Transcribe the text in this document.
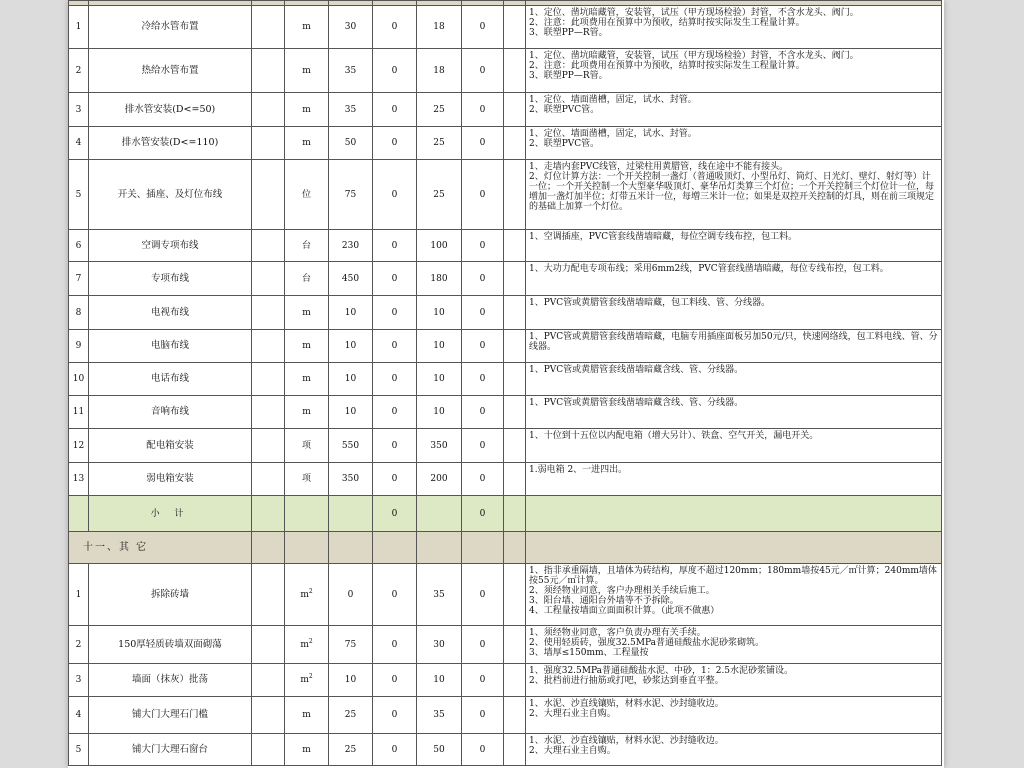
1	冷给水管布置		m	30	0	18	0		1、定位、凿坑暗藏管，安装管，试压（甲方现场检验）封管，不含水龙头、阀门。
2、注意：此项费用在预算中为预收，结算时按实际发生工程量计算。
3、联塑PP—R管。
2	热给水管布置		m	35	0	18	0		1、定位、凿坑暗藏管，安装管，试压（甲方现场检验）封管，不含水龙头、阀门。
2、注意：此项费用在预算中为预收，结算时按实际发生工程量计算。
3、联塑PP—R管。
3	排水管安装(D<=50)		m	35	0	25	0		1、定位、墙面凿槽，固定，试水、封管。
2、联塑PVC管。
4	排水管安装(D<=110)		m	50	0	25	0		1、定位、墙面凿槽，固定，试水、封管。
2、联塑PVC管。
5	开关、插座、及灯位布线		位	75	0	25	0		1、走墙内套PVC线管，过梁柱用黄腊管，线在途中不能有接头。
2、灯位计算方法：一个开关控制一盏灯（普通吸顶灯、小型吊灯、筒灯、日光灯、壁灯、射灯等）计一位；一个开关控制一个大型豪华吸顶灯、豪华吊灯类算三个灯位；一个开关控制三个灯位计一位，每增加一盏灯加半位；灯带五米计一位，每増三米计一位；如果是双控开关控制的灯具，则在前三项规定的基础上加算一个灯位。
6	空调专项布线		台	230	0	100	0		1、空调插座，PVC管套线凿墙暗藏，每位空调专线布控，包工料。
7	专项布线		台	450	0	180	0		1、大功力配电专项布线；采用6mm2线，PVC管套线凿墙暗藏，每位专线布控，包工料。
8	电视布线		m	10	0	10	0		1、PVC管或黄腊管套线凿墙暗藏，包工料线、管、分线器。
9	电脑布线		m	10	0	10	0		1、PVC管或黄腊管套线凿墙暗藏，电脑专用插座面板另加50元/只，快速网络线，包工料电线、管、分线器。
10	电话布线		m	10	0	10	0		1、PVC管或黄腊管套线凿墙暗藏含线、管、分线器。
11	音响布线		m	10	0	10	0		1、PVC管或黄腊管套线凿墙暗藏含线、管、分线器。
12	配电箱安装		项	550	0	350	0		1、十位到十五位以内配电箱（增大另计）、铁盒、空气开关，漏电开关。
13	弱电箱安装		项	350	0	200	0		1.弱电箱 2、一进四出。
	小 计				0		0		
十一、其 它									
1	拆除砖墙		$m^2$	0	0	35	0		1、指非承重隔墙，且墙体为砖结构，厚度不超过120mm；180mm墙按45元／㎡计算；240mm墙体按55元／㎡计算。
2、须经物业同意，客户办理相关手续后施工。
3、阳台墙、通阳台外墙等不予拆除。
4、工程量按墙面立面面积计算。（此项不做惠）
2	150厚轻质砖墙双面砌蕩		$m^2$	75	0	30	0		1、须经物业同意，客户负责办理有关手续。
2、使用轻质砖，强度32.5MPa普通硅酸盐水泥砂浆砌筑。
3、墙厚≤150mm、工程量按
3	墙面（抹灰）批荡		$m^2$	10	0	10	0		1、强度32.5MPa普通硅酸盐水泥、中砂，1：2.5水泥砂浆铺设。
2、批档前进行抽筋或打吧，砂浆达到垂直平整。
4	铺大门大理石门槛		m	25	0	35	0		1、水泥、沙直线镶贴，材料水泥、沙封缝收边。
2、大理石业主自购。
5	铺大门大理石窗台		m	25	0	50	0		1、水泥、沙直线镶贴，材料水泥、沙封缝收边。
2、大理石业主自购。
